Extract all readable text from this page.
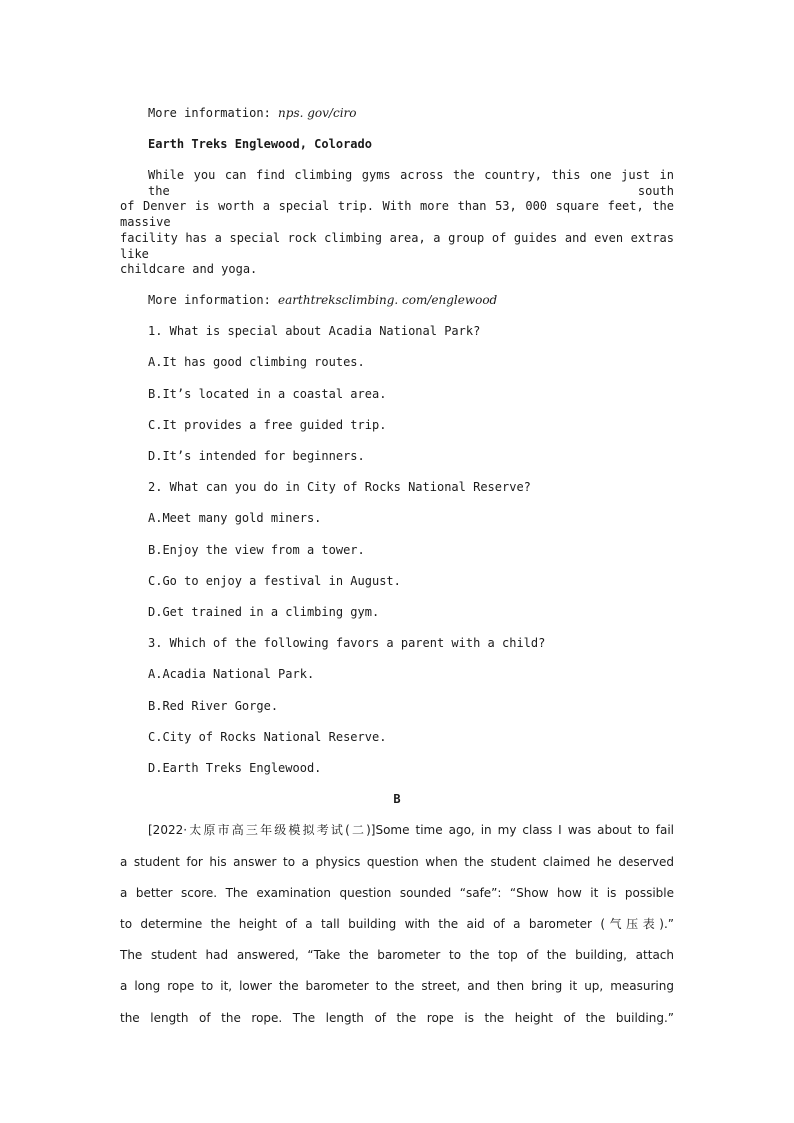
More information: nps. gov/ciro
Earth Treks Englewood, Colorado
While you can find climbing gyms across the country, this one just in the south
of Denver is worth a special trip. With more than 53, 000 square feet, the massive
facility has a special rock climbing area, a group of guides and even extras like
childcare and yoga.
More information: earthtreksclimbing. com/englewood
1. What is special about Acadia National Park?
A.It has good climbing routes.
B.It’s located in a coastal area.
C.It provides a free guided trip.
D.It’s intended for beginners.
2. What can you do in City of Rocks National Reserve?
A.Meet many gold miners.
B.Enjoy the view from a tower.
C.Go to enjoy a festival in August.
D.Get trained in a climbing gym.
3. Which of the following favors a parent with a child?
A.Acadia National Park.
B.Red River Gorge.
C.City of Rocks National Reserve.
D.Earth Treks Englewood.
B
[2022·太原市高三年级模拟考试(二)]Some time ago, in my class I was about to fail
a student for his answer to a physics question when the student claimed he deserved
a better score. The examination question sounded “safe”: “Show how it is possible
to determine the height of a tall building with the aid of a barometer (气压表).”
The student had answered, “Take the barometer to the top of the building, attach
a long rope to it, lower the barometer to the street, and then bring it up, measuring
the length of the rope. The length of the rope is the height of the building.”
